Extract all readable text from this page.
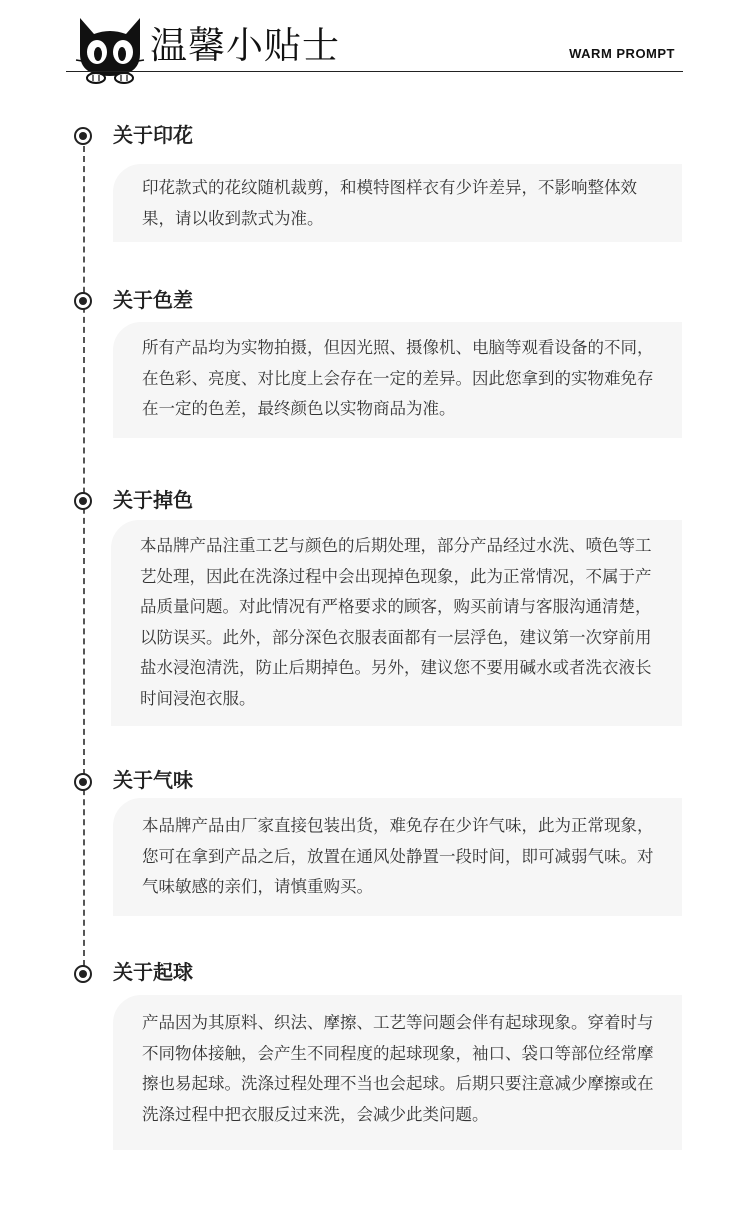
温馨小贴士	WARM PROMPT
关于印花
印花款式的花纹随机裁剪，和模特图样衣有少许差异，不影响整体效果，请以收到款式为准。
关于色差
所有产品均为实物拍摄，但因光照、摄像机、电脑等观看设备的不同，在色彩、亮度、对比度上会存在一定的差异。因此您拿到的实物难免存在一定的色差，最终颜色以实物商品为准。
关于掉色
本品牌产品注重工艺与颜色的后期处理，部分产品经过水洗、喷色等工艺处理，因此在洗涤过程中会出现掉色现象，此为正常情况，不属于产品质量问题。对此情况有严格要求的顾客，购买前请与客服沟通清楚，以防误买。此外，部分深色衣服表面都有一层浮色，建议第一次穿前用盐水浸泡清洗，防止后期掉色。另外，建议您不要用碱水或者洗衣液长时间浸泡衣服。
关于气味
本品牌产品由厂家直接包装出货，难免存在少许气味，此为正常现象，您可在拿到产品之后，放置在通风处静置一段时间，即可减弱气味。对气味敏感的亲们，请慎重购买。
关于起球
产品因为其原料、织法、摩擦、工艺等问题会伴有起球现象。穿着时与不同物体接触，会产生不同程度的起球现象，袖口、袋口等部位经常摩擦也易起球。洗涤过程处理不当也会起球。后期只要注意减少摩擦或在洗涤过程中把衣服反过来洗，会减少此类问题。
